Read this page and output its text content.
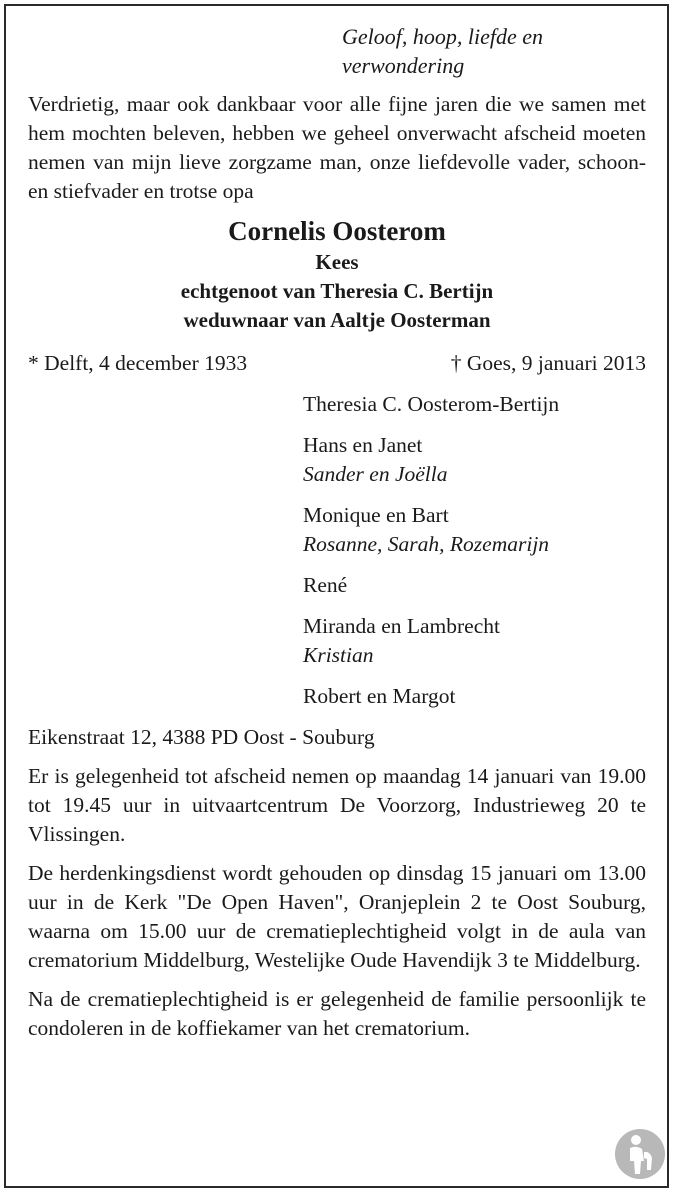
Geloof, hoop, liefde en
verwondering

Verdrietig, maar ook dankbaar voor alle fijne jaren die we samen met hem mochten beleven, hebben we geheel onverwacht afscheid moeten nemen van mijn lieve zorgzame man, onze liefdevolle vader, schoon- en stiefvader en trotse opa

Cornelis Oosterom
Kees
echtgenoot van Theresia C. Bertijn
weduwnaar van Aaltje Oosterman
* Delft, 4 december 1933	† Goes, 9 januari 2013
Theresia C. Oosterom-Bertijn
Hans en Janet
Sander en Joëlla
Monique en Bart
Rosanne, Sarah, Rozemarijn
René
Miranda en Lambrecht
Kristian
Robert en Margot
Eikenstraat 12, 4388 PD Oost - Souburg

Er is gelegenheid tot afscheid nemen op maandag 14 januari van 19.00 tot 19.45 uur in uitvaartcentrum De Voorzorg, Industrieweg 20 te Vlissingen.

De herdenkingsdienst wordt gehouden op dinsdag 15 januari om 13.00 uur in de Kerk "De Open Haven", Oranjeplein 2 te Oost Souburg, waarna om 15.00 uur de crematieplechtigheid volgt in de aula van crematorium Middelburg, Westelijke Oude Havendijk 3 te Middelburg.

Na de crematieplechtigheid is er gelegenheid de familie persoonlijk te condoleren in de koffiekamer van het crematorium.
